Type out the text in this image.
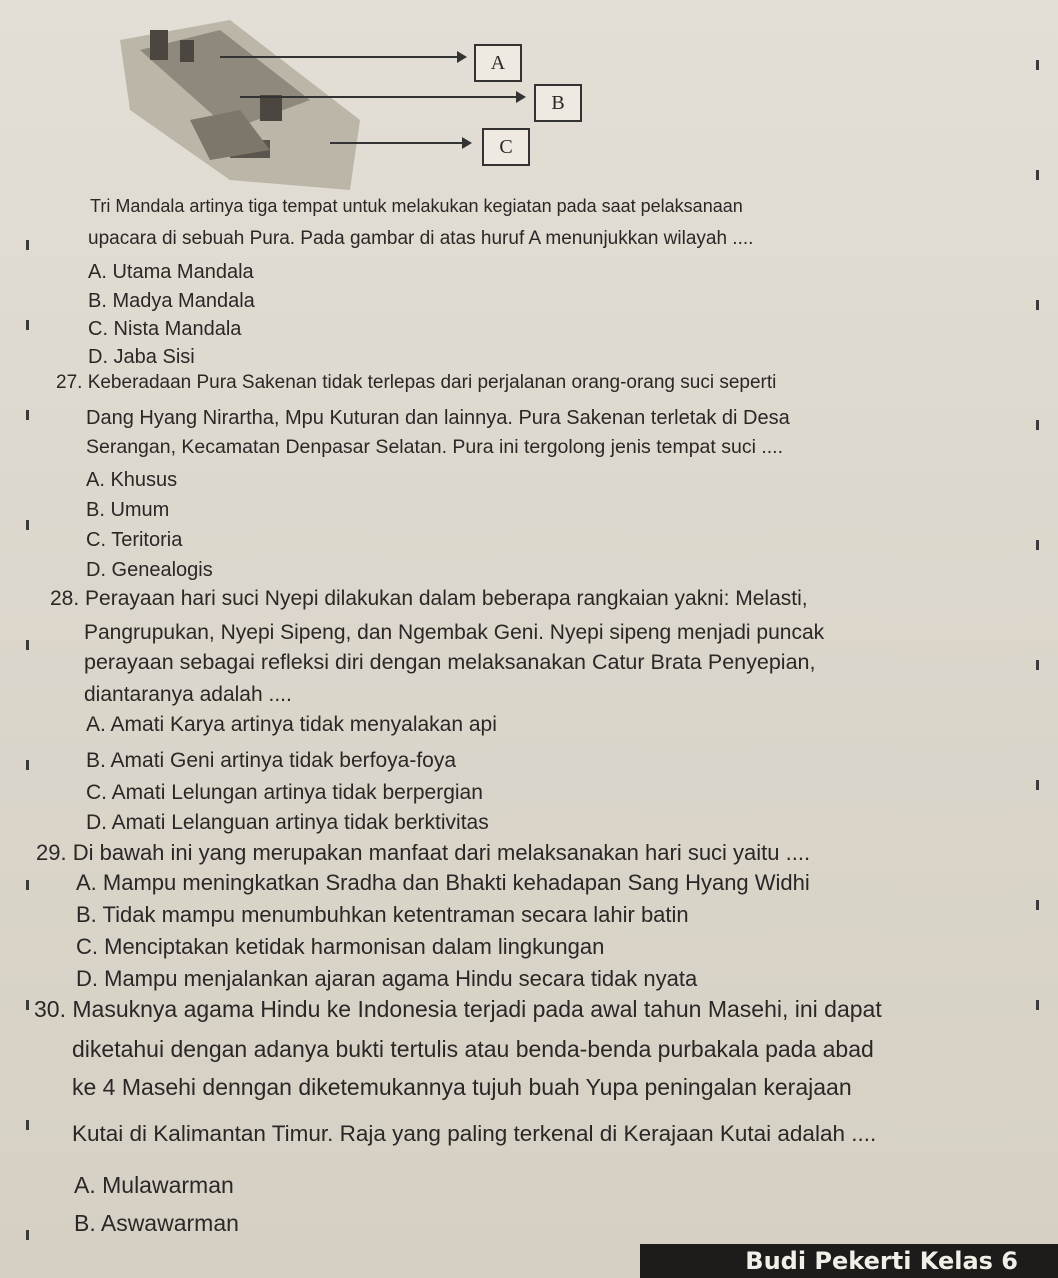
A
B
C
Tri Mandala artinya tiga tempat untuk melakukan kegiatan pada saat pelaksanaan
upacara di sebuah Pura. Pada gambar di atas huruf A menunjukkan wilayah ....
A. Utama Mandala
B. Madya Mandala
C. Nista Mandala
D. Jaba Sisi
27. Keberadaan Pura Sakenan tidak terlepas dari perjalanan orang-orang suci seperti
Dang Hyang Nirartha, Mpu Kuturan dan lainnya. Pura Sakenan terletak di Desa
Serangan, Kecamatan Denpasar Selatan. Pura ini tergolong jenis tempat suci ....
A. Khusus
B. Umum
C. Teritoria
D. Genealogis
28. Perayaan hari suci Nyepi dilakukan dalam beberapa rangkaian yakni: Melasti,
Pangrupukan, Nyepi Sipeng, dan Ngembak Geni. Nyepi sipeng menjadi puncak
perayaan sebagai refleksi diri dengan melaksanakan Catur Brata Penyepian,
diantaranya adalah ....
A. Amati Karya artinya tidak menyalakan api
B. Amati Geni artinya tidak berfoya-foya
C. Amati Lelungan artinya tidak berpergian
D. Amati Lelanguan artinya tidak berktivitas
29. Di bawah ini yang merupakan manfaat dari melaksanakan hari suci yaitu ....
A. Mampu meningkatkan Sradha dan Bhakti kehadapan Sang Hyang Widhi
B. Tidak mampu menumbuhkan ketentraman secara lahir batin
C. Menciptakan ketidak harmonisan dalam lingkungan
D. Mampu menjalankan ajaran agama Hindu secara tidak nyata
30. Masuknya agama Hindu ke Indonesia terjadi pada awal tahun Masehi, ini dapat
diketahui dengan adanya bukti tertulis atau benda-benda purbakala pada abad
ke 4 Masehi denngan diketemukannya tujuh buah Yupa peningalan kerajaan
Kutai di Kalimantan Timur. Raja yang paling terkenal di Kerajaan Kutai adalah ....
A. Mulawarman
B. Aswawarman
Budi Pekerti Kelas 6
